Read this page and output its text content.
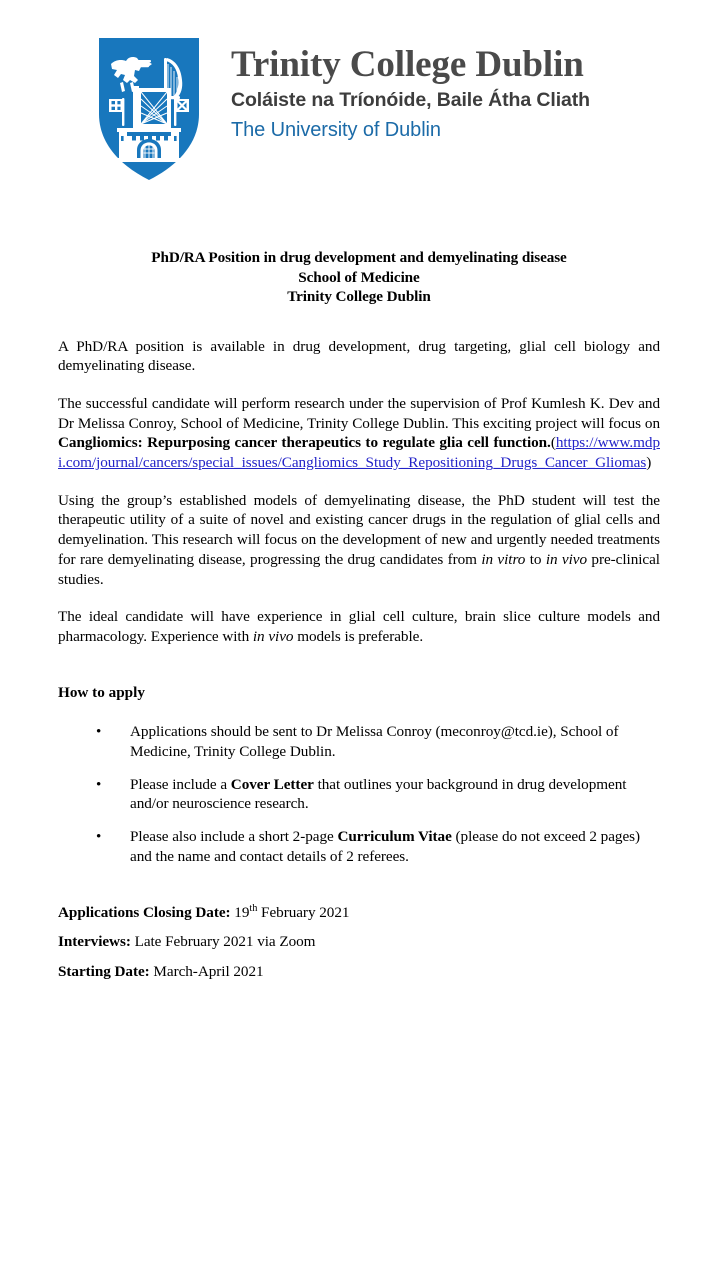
Trinity College Dublin
Coláiste na Tríonóide, Baile Átha Cliath
The University of Dublin
PhD/RA Position in drug development and demyelinating disease
School of Medicine
Trinity College Dublin

A PhD/RA position is available in drug development, drug targeting, glial cell biology and demyelinating disease.

The successful candidate will perform research under the supervision of Prof Kumlesh K. Dev and Dr Melissa Conroy, School of Medicine, Trinity College Dublin. This exciting project will focus on Cangliomics: Repurposing cancer therapeutics to regulate glia cell function.(https://www.mdpi.com/journal/cancers/special_issues/Cangliomics_Study_Repositioning_Drugs_Cancer_Gliomas)

Using the group’s established models of demyelinating disease, the PhD student will test the therapeutic utility of a suite of novel and existing cancer drugs in the regulation of glial cells and demyelination. This research will focus on the development of new and urgently needed treatments for rare demyelinating disease, progressing the drug candidates from in vitro to in vivo pre-clinical studies.

The ideal candidate will have experience in glial cell culture, brain slice culture models and pharmacology. Experience with in vivo models is preferable.

How to apply
• Applications should be sent to Dr Melissa Conroy (meconroy@tcd.ie), School of Medicine, Trinity College Dublin.
• Please include a Cover Letter that outlines your background in drug development and/or neuroscience research.
• Please also include a short 2-page Curriculum Vitae (please do not exceed 2 pages) and the name and contact details of 2 referees.
Applications Closing Date: 19th February 2021
Interviews: Late February 2021 via Zoom
Starting Date: March-April 2021
